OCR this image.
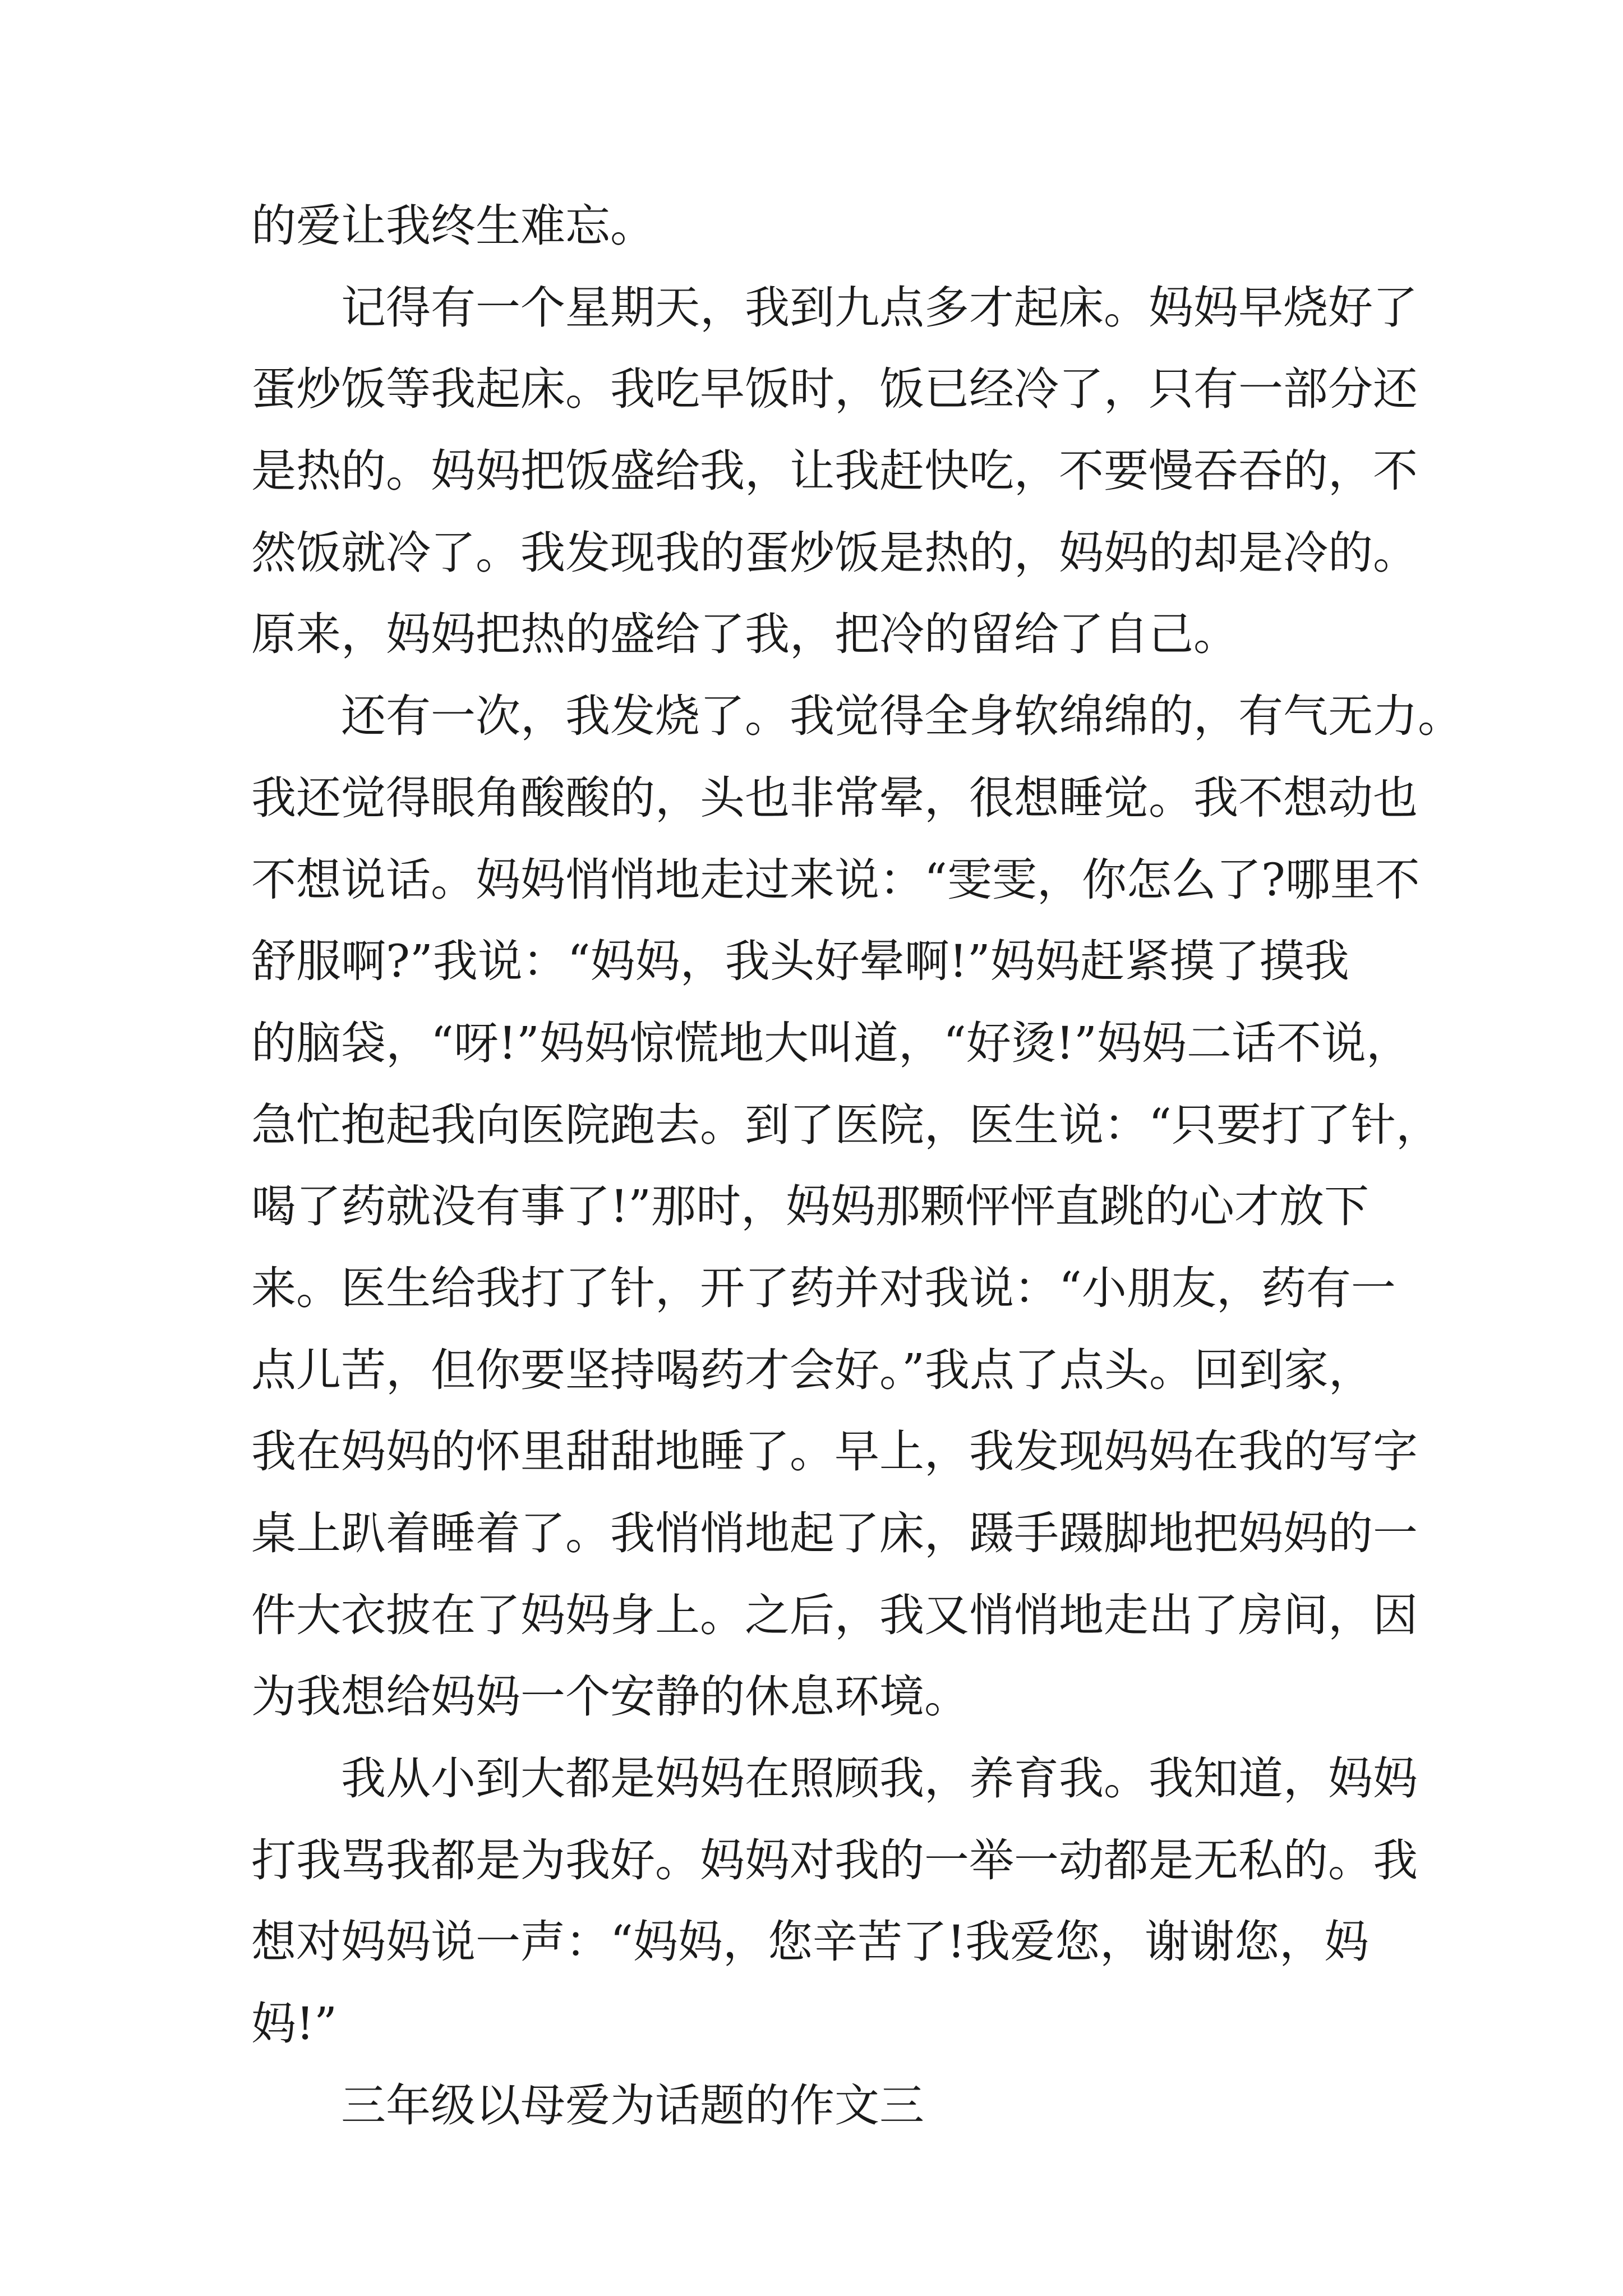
的爱让我终生难忘。
记得有一个星期天，我到九点多才起床。妈妈早烧好了
蛋炒饭等我起床。我吃早饭时，饭已经冷了，只有一部分还
是热的。妈妈把饭盛给我，让我赶快吃，不要慢吞吞的，不
然饭就冷了。我发现我的蛋炒饭是热的，妈妈的却是冷的。
原来，妈妈把热的盛给了我，把冷的留给了自己。
还有一次，我发烧了。我觉得全身软绵绵的，有气无力。
我还觉得眼角酸酸的，头也非常晕，很想睡觉。我不想动也
不想说话。妈妈悄悄地走过来说：“雯雯，你怎么了?哪里不
舒服啊?”我说：“妈妈，我头好晕啊!”妈妈赶紧摸了摸我
的脑袋，“呀!”妈妈惊慌地大叫道，“好烫!”妈妈二话不说，
急忙抱起我向医院跑去。到了医院，医生说：“只要打了针，
喝了药就没有事了!”那时，妈妈那颗怦怦直跳的心才放下
来。医生给我打了针，开了药并对我说：“小朋友，药有一
点儿苦，但你要坚持喝药才会好。”我点了点头。回到家，
我在妈妈的怀里甜甜地睡了。早上，我发现妈妈在我的写字
桌上趴着睡着了。我悄悄地起了床，蹑手蹑脚地把妈妈的一
件大衣披在了妈妈身上。之后，我又悄悄地走出了房间，因
为我想给妈妈一个安静的休息环境。
我从小到大都是妈妈在照顾我，养育我。我知道，妈妈
打我骂我都是为我好。妈妈对我的一举一动都是无私的。我
想对妈妈说一声：“妈妈，您辛苦了!我爱您，谢谢您，妈
妈!”
三年级以母爱为话题的作文三
